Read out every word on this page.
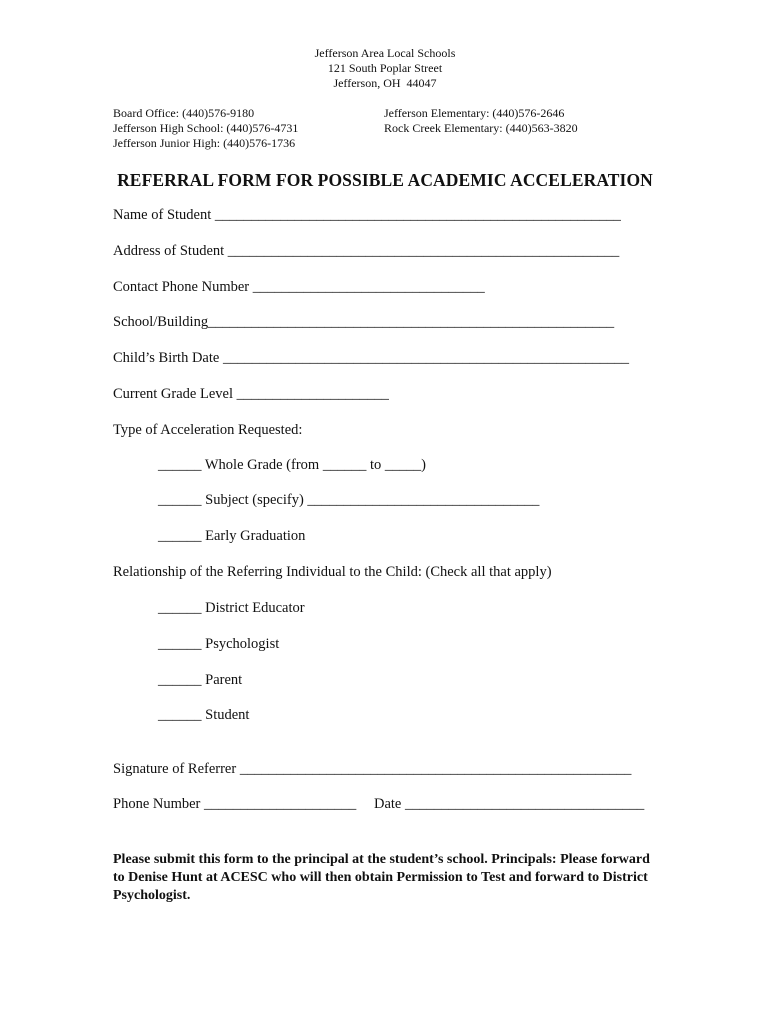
Jefferson Area Local Schools
121 South Poplar Street
Jefferson, OH  44047
Board Office: (440)576-9180
Jefferson High School: (440)576-4731
Jefferson Junior High: (440)576-1736
Jefferson Elementary: (440)576-2646
Rock Creek Elementary: (440)563-3820
REFERRAL FORM FOR POSSIBLE ACADEMIC ACCELERATION
Name of Student ________________________________________________________
Address of Student ______________________________________________________
Contact Phone Number ________________________________
School/Building________________________________________________________
Child’s Birth Date ________________________________________________________
Current Grade Level _____________________
Type of Acceleration Requested:
______ Whole Grade (from ______ to _____)
______ Subject (specify) ________________________________
______ Early Graduation
Relationship of the Referring Individual to the Child: (Check all that apply)
______ District Educator
______ Psychologist
______ Parent
______ Student
Signature of Referrer ______________________________________________________
Phone Number _____________________ Date _________________________________
Please submit this form to the principal at the student’s school. Principals: Please forward to Denise Hunt at ACESC who will then obtain Permission to Test and forward to District Psychologist.
